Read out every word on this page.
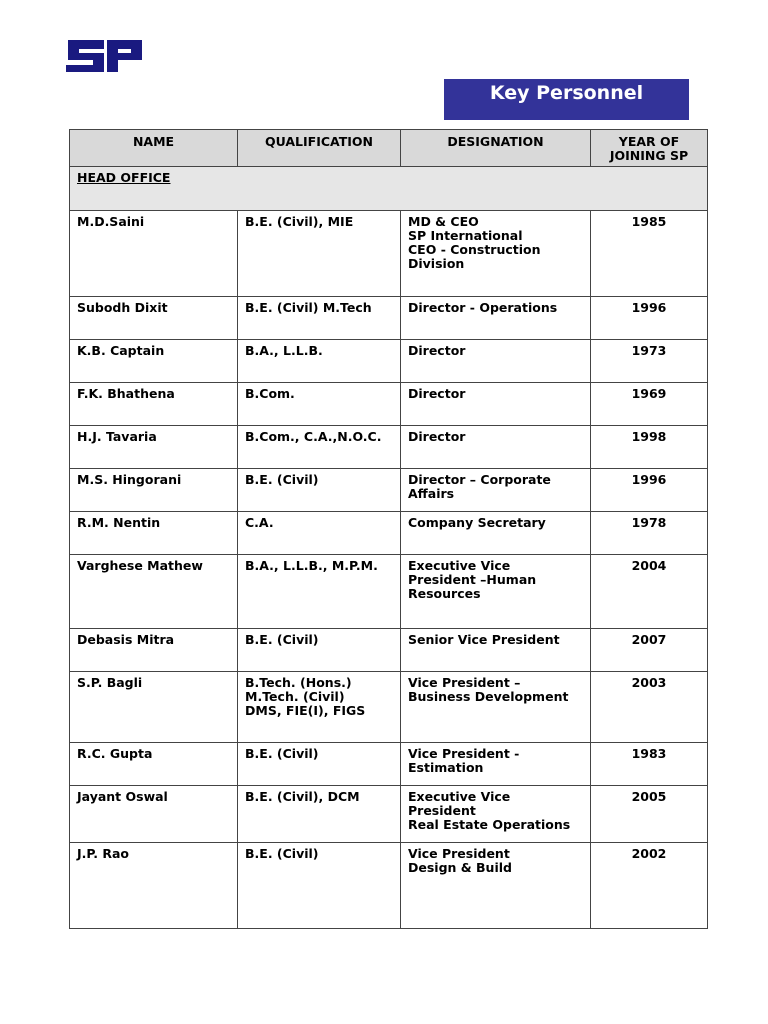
Key Personnel
NAME	QUALIFICATION	DESIGNATION	YEAR OF
JOINING SP
HEAD OFFICE			
M.D.Saini	B.E. (Civil), MIE	MD & CEO
SP International
CEO - Construction
Division	1985
Subodh Dixit	B.E. (Civil) M.Tech	Director - Operations	1996
K.B. Captain	B.A., L.L.B.	Director	1973
F.K. Bhathena	B.Com.	Director	1969
H.J. Tavaria	B.Com., C.A.,N.O.C.	Director	1998
M.S. Hingorani	B.E. (Civil)	Director – Corporate
Affairs	1996
R.M. Nentin	C.A.	Company Secretary	1978
Varghese Mathew	B.A., L.L.B., M.P.M.	Executive Vice
President –Human
Resources	2004
Debasis Mitra	B.E. (Civil)	Senior Vice President	2007
S.P. Bagli	B.Tech. (Hons.)
M.Tech. (Civil)
DMS, FIE(I), FIGS	Vice President –
Business Development	2003
R.C. Gupta	B.E. (Civil)	Vice President -
Estimation	1983
Jayant Oswal	B.E. (Civil), DCM	Executive Vice
President
Real Estate Operations	2005
J.P. Rao	B.E. (Civil)	Vice President
Design & Build	2002
